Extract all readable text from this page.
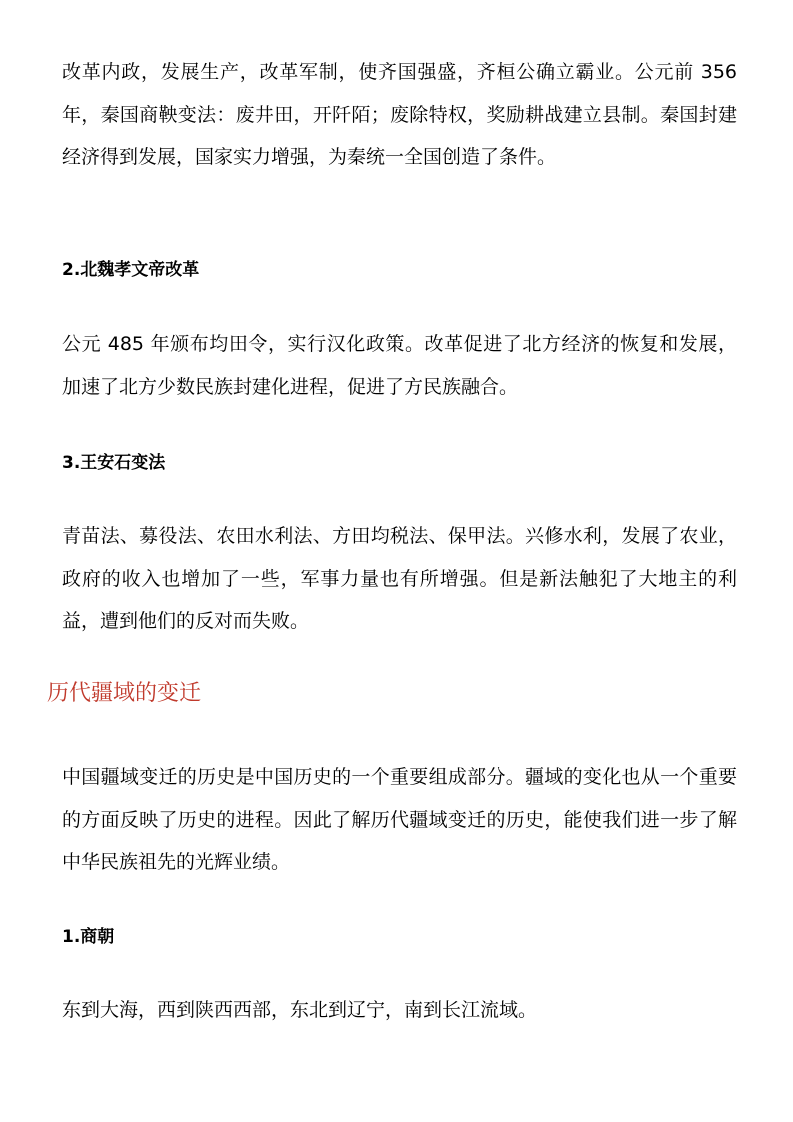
改革内政，发展生产，改革军制，使齐国强盛，齐桓公确立霸业。公元前 356 年，秦国商鞅变法：废井田，开阡陌；废除特权，奖励耕战建立县制。秦国封建经济得到发展，国家实力增强，为秦统一全国创造了条件。

2.北魏孝文帝改革

公元 485 年颁布均田令，实行汉化政策。改革促进了北方经济的恢复和发展，加速了北方少数民族封建化进程，促进了方民族融合。

3.王安石变法

青苗法、募役法、农田水利法、方田均税法、保甲法。兴修水利，发展了农业，政府的收入也增加了一些，军事力量也有所增强。但是新法触犯了大地主的利益，遭到他们的反对而失败。

历代疆域的变迁

中国疆域变迁的历史是中国历史的一个重要组成部分。疆域的变化也从一个重要的方面反映了历史的进程。因此了解历代疆域变迁的历史，能使我们进一步了解中华民族祖先的光辉业绩。

1.商朝

东到大海，西到陕西西部，东北到辽宁，南到长江流域。
